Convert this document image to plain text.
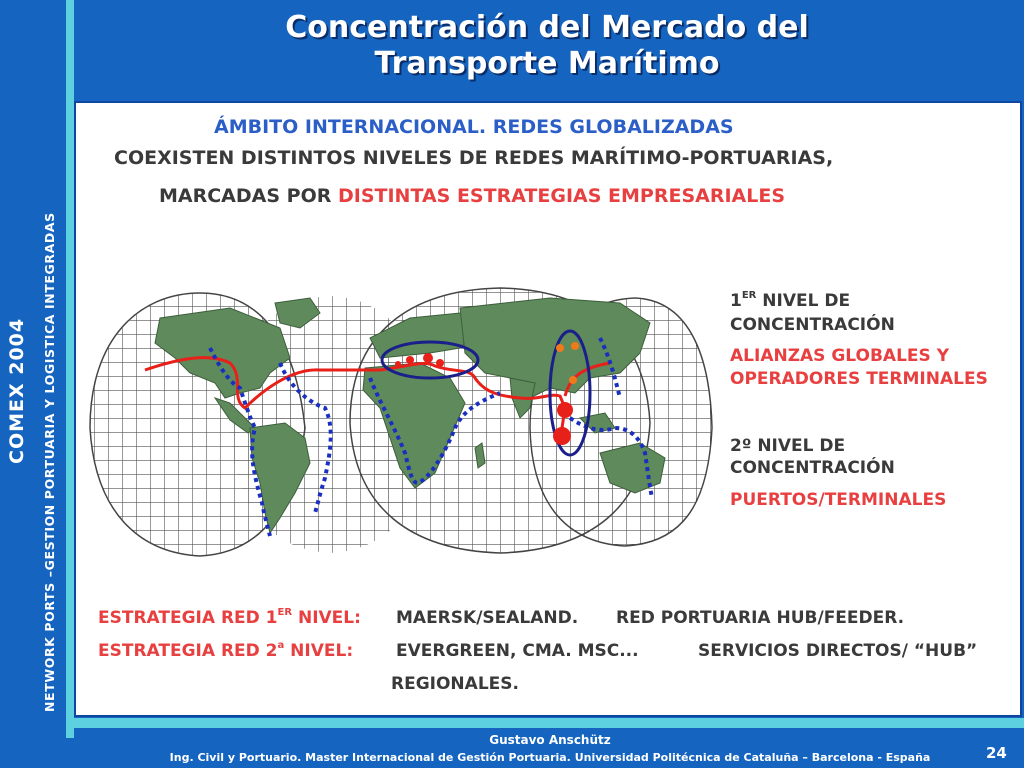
COMEX 2004 NETWORK PORTS –GESTION PORTUARIA Y LOGISTICA INTEGRADAS
Concentración del Mercado del
Transporte Marítimo
ÁMBITO INTERNACIONAL. REDES GLOBALIZADAS
COEXISTEN DISTINTOS NIVELES DE REDES MARÍTIMO-PORTUARIAS,
MARCADAS POR DISTINTAS ESTRATEGIAS EMPRESARIALES
1ER NIVEL DE
CONCENTRACIÓN
ALIANZAS GLOBALES Y
OPERADORES TERMINALES
2º NIVEL DE
CONCENTRACIÓN
PUERTOS/TERMINALES
ESTRATEGIA RED 1ER NIVEL: MAERSK/SEALAND. RED PORTUARIA HUB/FEEDER.
ESTRATEGIA RED 2$^a$ NIVEL:	EVERGREEN, CMA. MSC...	SERVICIOS DIRECTOS/ “HUB”
REGIONALES.
Gustavo Anschütz
Ing. Civil y Portuario. Master Internacional de Gestión Portuaria. Universidad Politécnica de Cataluña – Barcelona - España	24
